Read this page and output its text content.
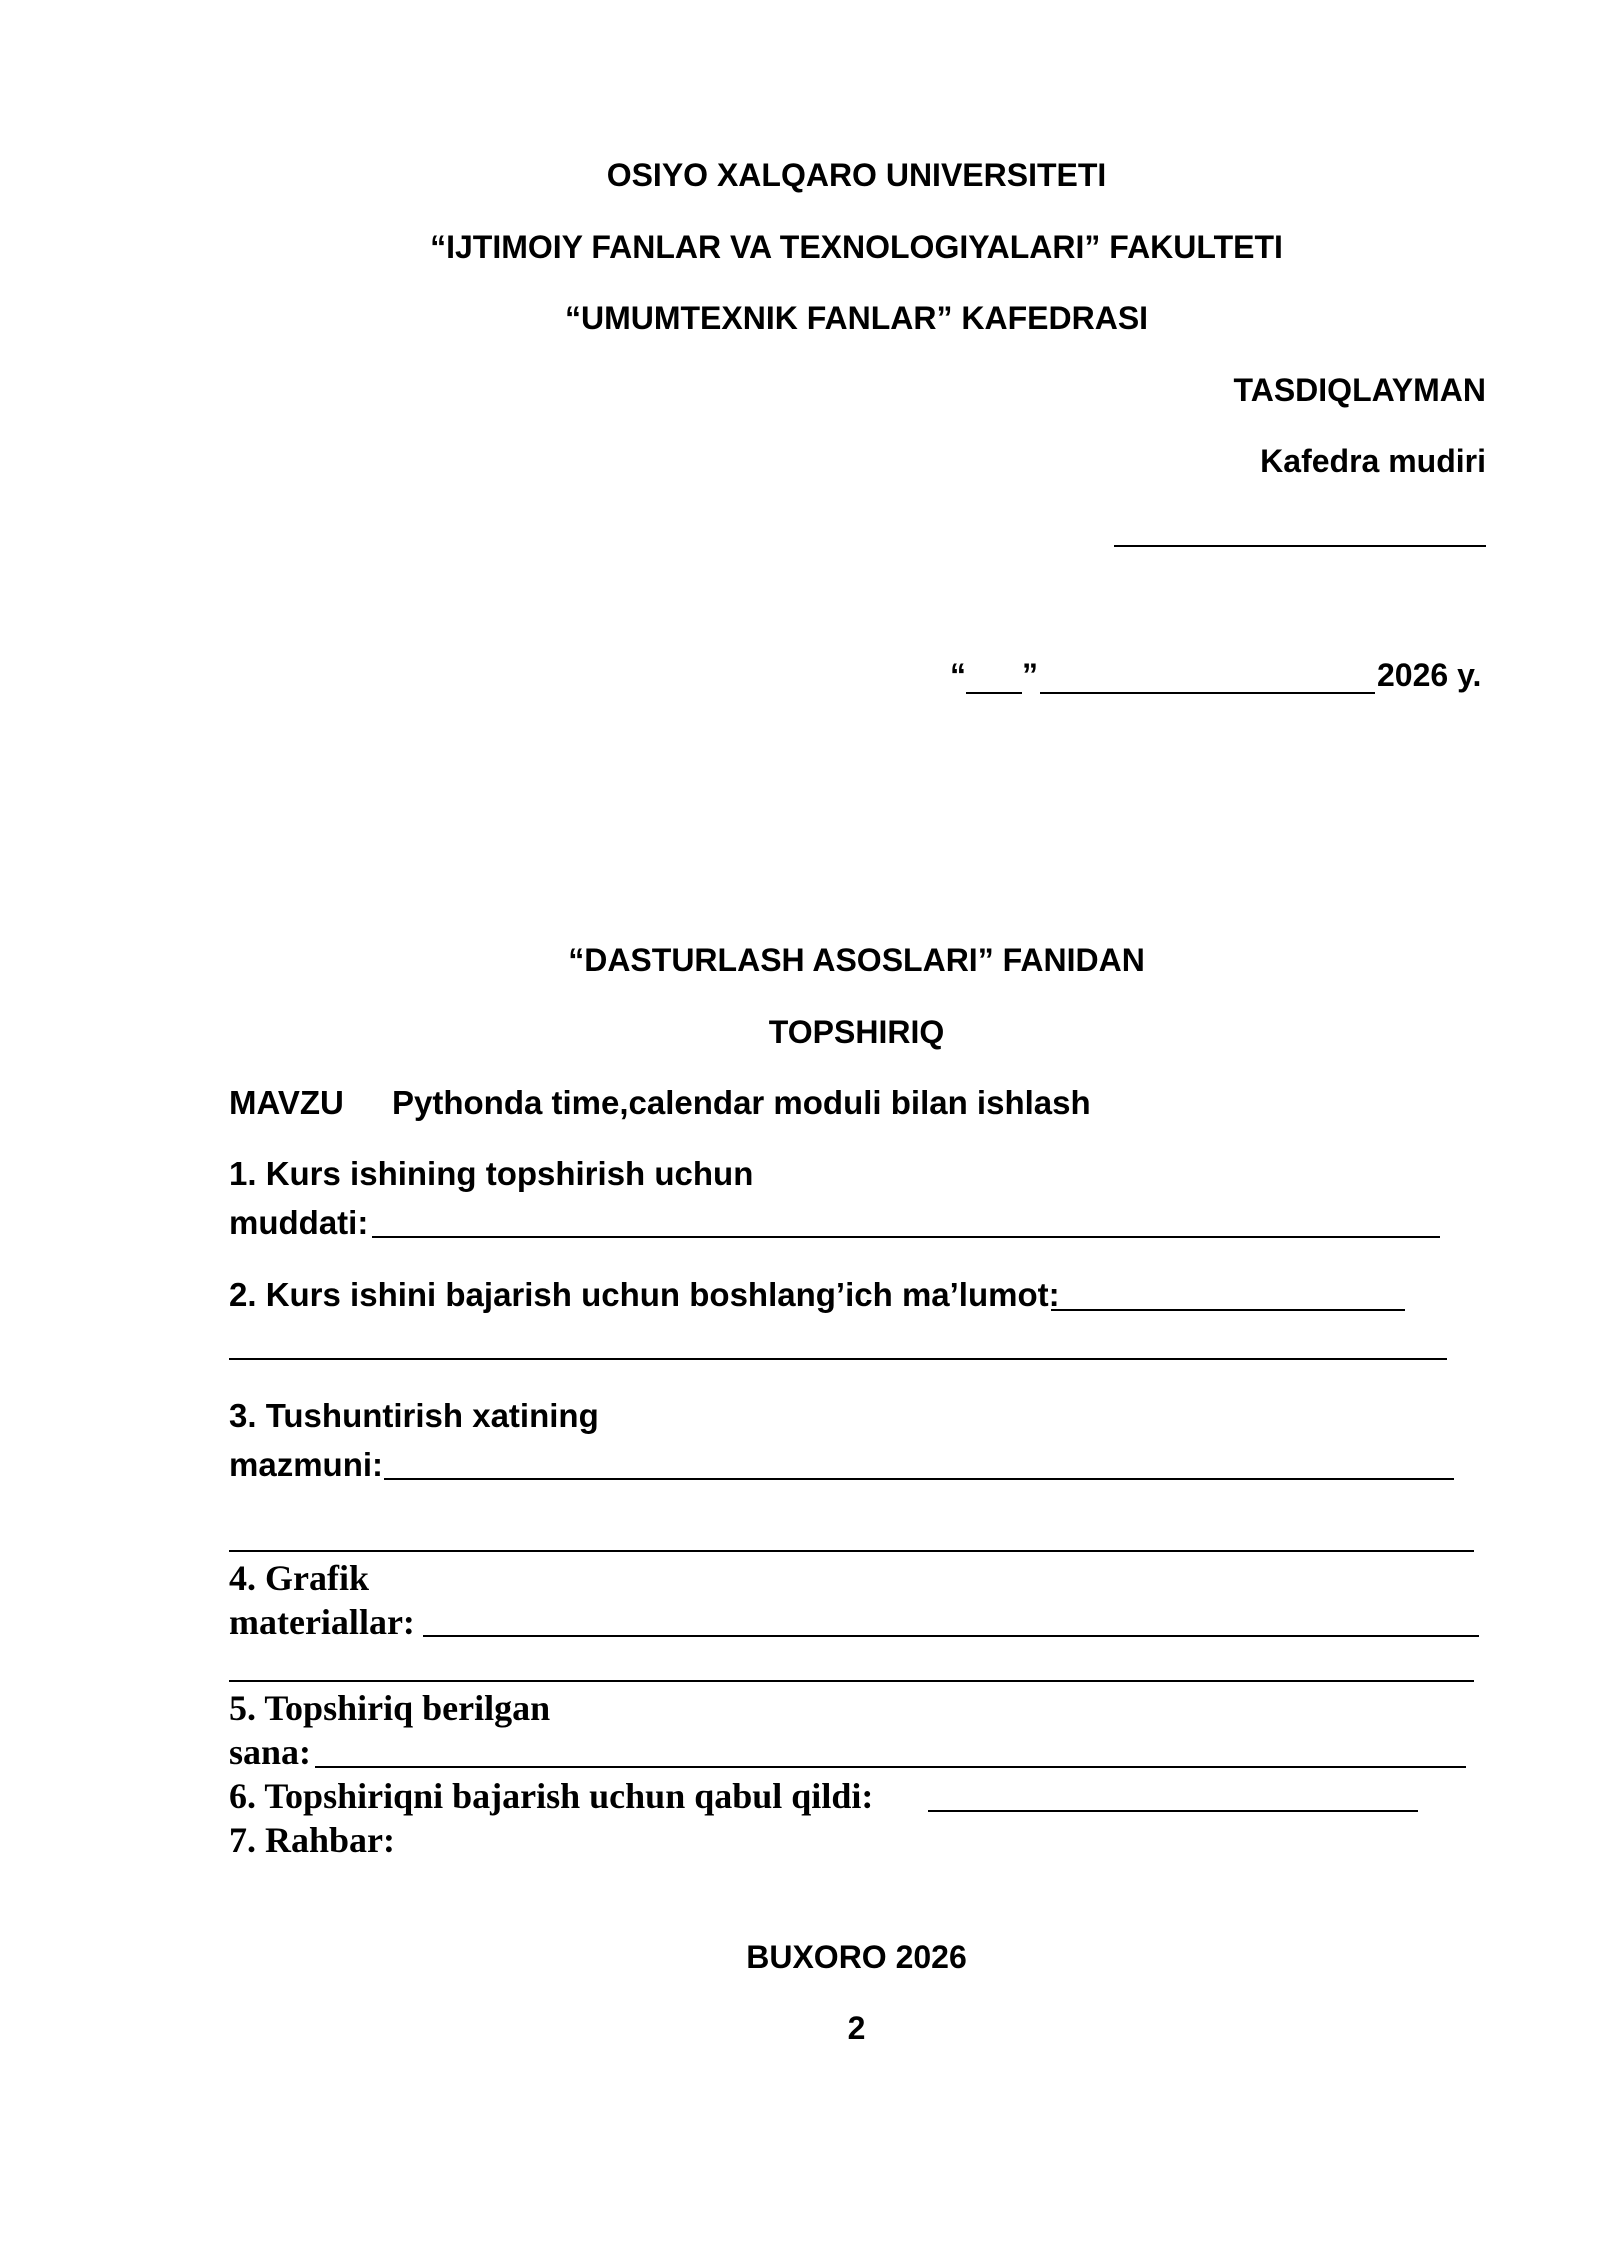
OSIYO XALQARO UNIVERSITETI
“IJTIMOIY FANLAR VA TEXNOLOGIYALARI” FAKULTETI
“UMUMTEXNIK FANLAR” KAFEDRASI
TASDIQLAYMAN
Kafedra mudiri
“ ”	2026 y.
“DASTURLASH ASOSLARI” FANIDAN
TOPSHIRIQ
MAVZU Pythonda time,calendar moduli bilan ishlash
1. Kurs ishining topshirish uchun
muddati:
2. Kurs ishini bajarish uchun boshlang’ich ma’lumot:
3. Tushuntirish xatining
mazmuni:
4. Grafik
materiallar:
5. Topshiriq berilgan
sana:
6. Topshiriqni bajarish uchun qabul qildi:
7. Rahbar:
BUXORO 2026
2
